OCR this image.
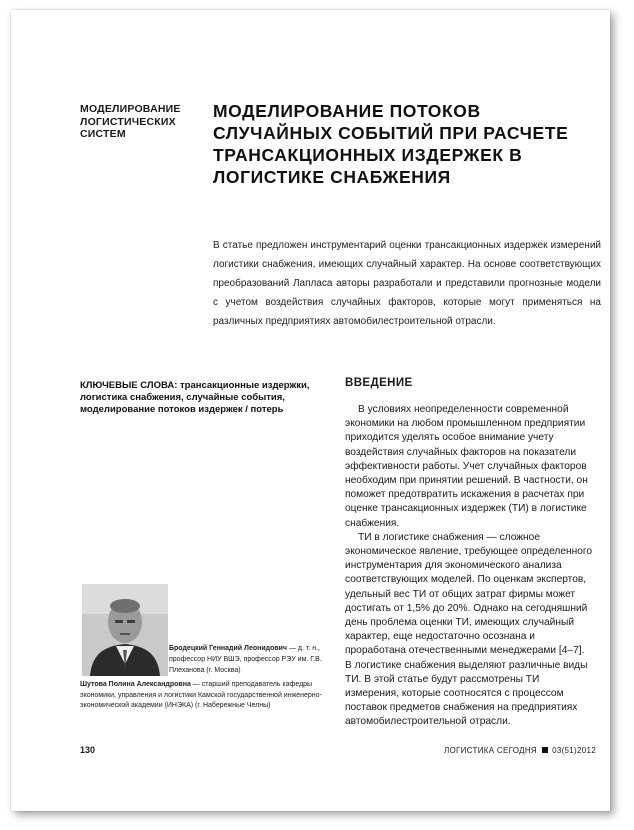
МОДЕЛИРОВАНИЕ ЛОГИСТИЧЕСКИХ СИСТЕМ
МОДЕЛИРОВАНИЕ ПОТОКОВ СЛУЧАЙНЫХ СОБЫТИЙ ПРИ РАСЧЕТЕ ТРАНСАКЦИОННЫХ ИЗДЕРЖЕК В ЛОГИСТИКЕ СНАБЖЕНИЯ
В статье предложен инструментарий оценки трансакционных издержек измерений логистики снабжения, имеющих случайный характер. На основе соответствующих преобразований Лапласа авторы разработали и представили прогнозные модели с учетом воздействия случайных факторов, которые могут применяться на различных предприятиях автомобилестроительной отрасли.
КЛЮЧЕВЫЕ СЛОВА: трансакционные издержки, логистика снабжения, случайные события, моделирование потоков издержек / потерь
Бродецкий Геннадий Леонидович — д. т. н., профессор НИУ ВШЭ, профессор РЭУ им. Г.В. Плеханова (г. Москва)
Шутова Полина Александровна — старший преподаватель кафедры экономики, управления и логистики Камской государственной инженерно-экономической академии (ИНЭКА) (г. Набережные Челны)
ВВЕДЕНИЕ

В условиях неопределенности современной экономики на любом промышленном предприятии приходится уделять особое внимание учету воздействия случайных факторов на показатели эффективности работы. Учет случайных факторов необходим при принятии решений. В частности, он поможет предотвратить искажения в расчетах при оценке трансакционных издержек (ТИ) в логистике снабжения.

ТИ в логистике снабжения — сложное экономическое явление, требующее определенного инструментария для экономического анализа соответствующих моделей. По оценкам экспертов, удельный вес ТИ от общих затрат фирмы может достигать от 1,5% до 20%. Однако на сегодняшний день проблема оценки ТИ, имеющих случайный характер, еще недостаточно осознана и проработана отечественными менеджерами [4–7]. В логистике снабжения выделяют различные виды ТИ. В этой статье будут рассмотрены ТИ измерения, которые соотносятся с процессом поставок предметов снабжения на предприятиях автомобилестроительной отрасли.

130	ЛОГИСТИКА СЕГОДНЯ 03(51)2012
